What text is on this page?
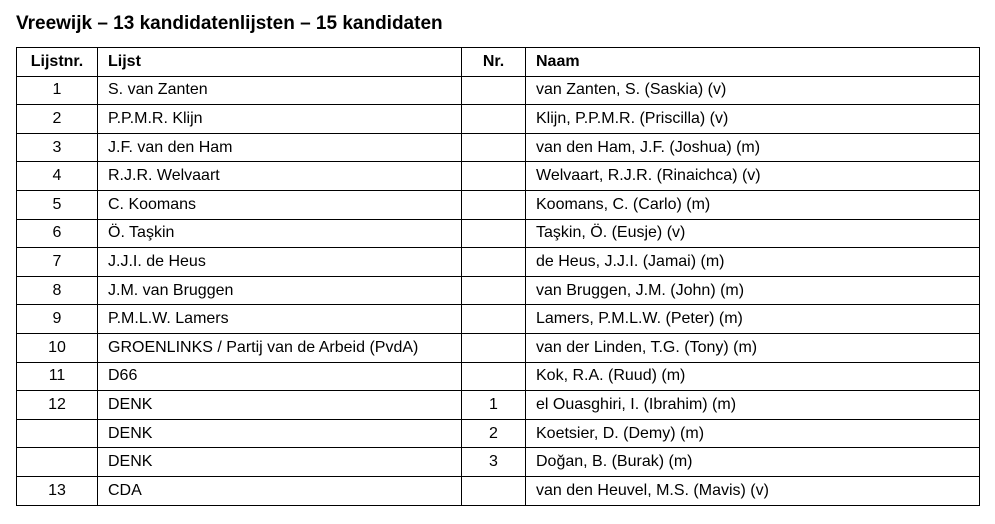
Vreewijk – 13 kandidatenlijsten – 15 kandidaten
Lijstnr.	Lijst	Nr.	Naam
1	S. van Zanten		van Zanten, S. (Saskia) (v)
2	P.P.M.R. Klijn		Klijn, P.P.M.R. (Priscilla) (v)
3	J.F. van den Ham		van den Ham, J.F. (Joshua) (m)
4	R.J.R. Welvaart		Welvaart, R.J.R. (Rinaichca) (v)
5	C. Koomans		Koomans, C. (Carlo) (m)
6	Ö. Taşkin		Taşkin, Ö. (Eusje) (v)
7	J.J.I. de Heus		de Heus, J.J.I. (Jamai) (m)
8	J.M. van Bruggen		van Bruggen, J.M. (John) (m)
9	P.M.L.W. Lamers		Lamers, P.M.L.W. (Peter) (m)
10	GROENLINKS / Partij van de Arbeid (PvdA)		van der Linden, T.G. (Tony) (m)
11	D66		Kok, R.A. (Ruud) (m)
12	DENK	1	el Ouasghiri, I. (Ibrahim) (m)
	DENK	2	Koetsier, D. (Demy) (m)
	DENK	3	Doğan, B. (Burak) (m)
13	CDA		van den Heuvel, M.S. (Mavis) (v)
